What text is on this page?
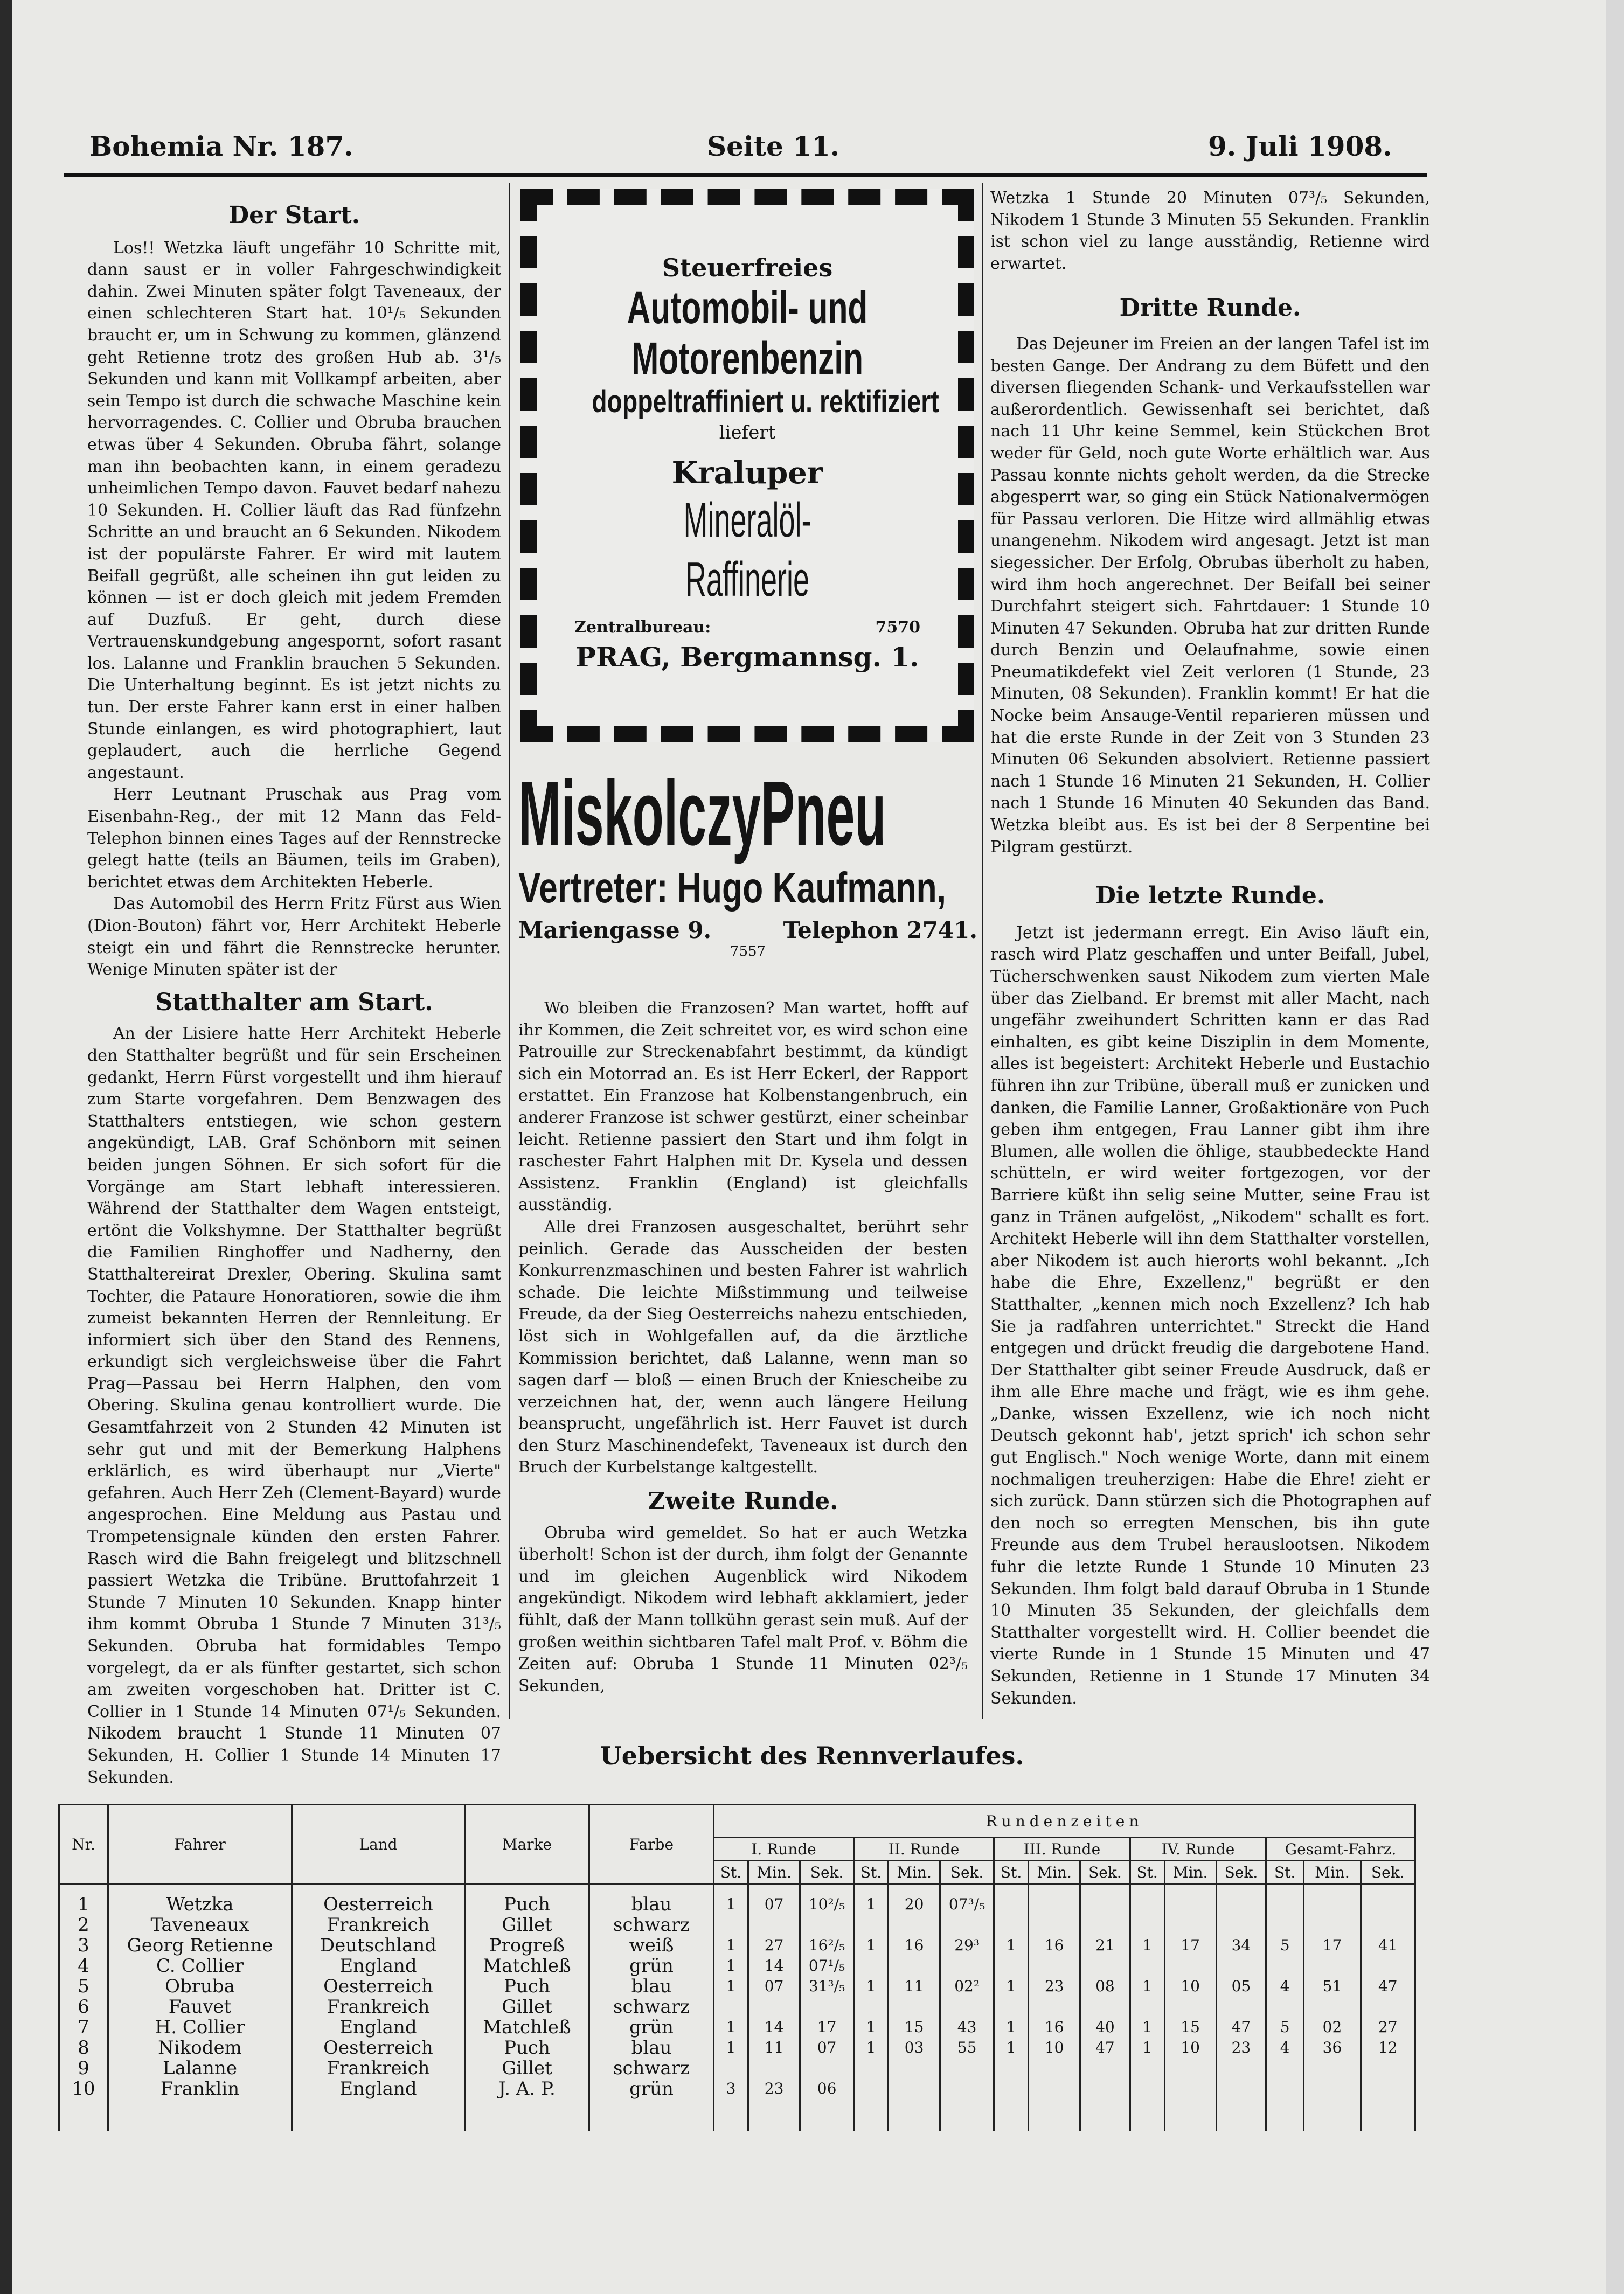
Bohemia Nr. 187.	Seite 11.	9. Juli 1908.
Der Start.

Los!! Wetzka läuft ungefähr 10 Schritte mit, dann saust er in voller Fahrgeschwindigkeit dahin. Zwei Minuten später folgt Taveneaux, der einen schlechteren Start hat. 10¹/₅ Sekunden braucht er, um in Schwung zu kommen, glänzend geht Retienne trotz des großen Hub ab. 3¹/₅ Sekunden und kann mit Vollkampf arbeiten, aber sein Tempo ist durch die schwache Maschine kein hervorragendes. C. Collier und Obruba brauchen etwas über 4 Sekunden. Obruba fährt, solange man ihn beobachten kann, in einem geradezu unheimlichen Tempo davon. Fauvet bedarf nahezu 10 Sekunden. H. Collier läuft das Rad fünfzehn Schritte an und braucht an 6 Sekunden. Nikodem ist der populärste Fahrer. Er wird mit lautem Beifall gegrüßt, alle scheinen ihn gut leiden zu können — ist er doch gleich mit jedem Fremden auf Duzfuß. Er geht, durch diese Vertrauenskundgebung angespornt, sofort rasant los. Lalanne und Franklin brauchen 5 Sekunden. Die Unterhaltung beginnt. Es ist jetzt nichts zu tun. Der erste Fahrer kann erst in einer halben Stunde einlangen, es wird photographiert, laut geplaudert, auch die herrliche Gegend angestaunt.

Herr Leutnant Pruschak aus Prag vom Eisenbahn-Reg., der mit 12 Mann das Feld-Telephon binnen eines Tages auf der Rennstrecke gelegt hatte (teils an Bäumen, teils im Graben), berichtet etwas dem Architekten Heberle.

Das Automobil des Herrn Fritz Fürst aus Wien (Dion-Bouton) fährt vor, Herr Architekt Heberle steigt ein und fährt die Rennstrecke herunter. Wenige Minuten später ist der

Statthalter am Start.

An der Lisiere hatte Herr Architekt Heberle den Statthalter begrüßt und für sein Erscheinen gedankt, Herrn Fürst vorgestellt und ihm hierauf zum Starte vorgefahren. Dem Benzwagen des Statthalters entstiegen, wie schon gestern angekündigt, LAB. Graf Schönborn mit seinen beiden jungen Söhnen. Er sich sofort für die Vorgänge am Start lebhaft interessieren. Während der Statthalter dem Wagen entsteigt, ertönt die Volkshymne. Der Statthalter begrüßt die Familien Ringhoffer und Nadherny, den Statthaltereirat Drexler, Obering. Skulina samt Tochter, die Pataure Honoratioren, sowie die ihm zumeist bekannten Herren der Rennleitung. Er informiert sich über den Stand des Rennens, erkundigt sich vergleichsweise über die Fahrt Prag—Passau bei Herrn Halphen, den vom Obering. Skulina genau kontrolliert wurde. Die Gesamtfahrzeit von 2 Stunden 42 Minuten ist sehr gut und mit der Bemerkung Halphens erklärlich, es wird überhaupt nur „Vierte" gefahren. Auch Herr Zeh (Clement-Bayard) wurde angesprochen. Eine Meldung aus Pastau und Trompetensignale künden den ersten Fahrer. Rasch wird die Bahn freigelegt und blitzschnell passiert Wetzka die Tribüne. Bruttofahrzeit 1 Stunde 7 Minuten 10 Sekunden. Knapp hinter ihm kommt Obruba 1 Stunde 7 Minuten 31³/₅ Sekunden. Obruba hat formidables Tempo vorgelegt, da er als fünfter gestartet, sich schon am zweiten vorgeschoben hat. Dritter ist C. Collier in 1 Stunde 14 Minuten 07¹/₅ Sekunden. Nikodem braucht 1 Stunde 11 Minuten 07 Sekunden, H. Collier 1 Stunde 14 Minuten 17 Sekunden.

Steuerfreies
Automobil- und
Motorenbenzin
doppeltraffiniert u. rektifiziert
liefert
Kraluper
Mineralöl-Raffinerie
Zentralbureau:	7570
PRAG, Bergmannsg. 1.
MiskolczyPneu
Vertreter: Hugo Kaufmann,
Mariengasse 9.	Telephon 2741.
7557

Wo bleiben die Franzosen? Man wartet, hofft auf ihr Kommen, die Zeit schreitet vor, es wird schon eine Patrouille zur Streckenabfahrt bestimmt, da kündigt sich ein Motorrad an. Es ist Herr Eckerl, der Rapport erstattet. Ein Franzose hat Kolbenstangenbruch, ein anderer Franzose ist schwer gestürzt, einer scheinbar leicht. Retienne passiert den Start und ihm folgt in raschester Fahrt Halphen mit Dr. Kysela und dessen Assistenz. Franklin (England) ist gleichfalls ausständig.

Alle drei Franzosen ausgeschaltet, berührt sehr peinlich. Gerade das Ausscheiden der besten Konkurrenzmaschinen und besten Fahrer ist wahrlich schade. Die leichte Mißstimmung und teilweise Freude, da der Sieg Oesterreichs nahezu entschieden, löst sich in Wohlgefallen auf, da die ärztliche Kommission berichtet, daß Lalanne, wenn man so sagen darf — bloß — einen Bruch der Kniescheibe zu verzeichnen hat, der, wenn auch längere Heilung beansprucht, ungefährlich ist. Herr Fauvet ist durch den Sturz Maschinendefekt, Taveneaux ist durch den Bruch der Kurbelstange kaltgestellt.

Zweite Runde.

Obruba wird gemeldet. So hat er auch Wetzka überholt! Schon ist der durch, ihm folgt der Genannte und im gleichen Augenblick wird Nikodem angekündigt. Nikodem wird lebhaft akklamiert, jeder fühlt, daß der Mann tollkühn gerast sein muß. Auf der großen weithin sichtbaren Tafel malt Prof. v. Böhm die Zeiten auf: Obruba 1 Stunde 11 Minuten 02³/₅ Sekunden,

Wetzka 1 Stunde 20 Minuten 07³/₅ Sekunden, Nikodem 1 Stunde 3 Minuten 55 Sekunden. Franklin ist schon viel zu lange ausständig, Retienne wird erwartet.

Dritte Runde.

Das Dejeuner im Freien an der langen Tafel ist im besten Gange. Der Andrang zu dem Büfett und den diversen fliegenden Schank- und Verkaufsstellen war außerordentlich. Gewissenhaft sei berichtet, daß nach 11 Uhr keine Semmel, kein Stückchen Brot weder für Geld, noch gute Worte erhältlich war. Aus Passau konnte nichts geholt werden, da die Strecke abgesperrt war, so ging ein Stück Nationalvermögen für Passau verloren. Die Hitze wird allmählig etwas unangenehm. Nikodem wird angesagt. Jetzt ist man siegessicher. Der Erfolg, Obrubas überholt zu haben, wird ihm hoch angerechnet. Der Beifall bei seiner Durchfahrt steigert sich. Fahrtdauer: 1 Stunde 10 Minuten 47 Sekunden. Obruba hat zur dritten Runde durch Benzin und Oelaufnahme, sowie einen Pneumatikdefekt viel Zeit verloren (1 Stunde, 23 Minuten, 08 Sekunden). Franklin kommt! Er hat die Nocke beim Ansauge-Ventil reparieren müssen und hat die erste Runde in der Zeit von 3 Stunden 23 Minuten 06 Sekunden absolviert. Retienne passiert nach 1 Stunde 16 Minuten 21 Sekunden, H. Collier nach 1 Stunde 16 Minuten 40 Sekunden das Band. Wetzka bleibt aus. Es ist bei der 8 Serpentine bei Pilgram gestürzt.

Die letzte Runde.

Jetzt ist jedermann erregt. Ein Aviso läuft ein, rasch wird Platz geschaffen und unter Beifall, Jubel, Tücherschwenken saust Nikodem zum vierten Male über das Zielband. Er bremst mit aller Macht, nach ungefähr zweihundert Schritten kann er das Rad einhalten, es gibt keine Disziplin in dem Momente, alles ist begeistert: Architekt Heberle und Eustachio führen ihn zur Tribüne, überall muß er zunicken und danken, die Familie Lanner, Großaktionäre von Puch geben ihm entgegen, Frau Lanner gibt ihm ihre Blumen, alle wollen die öhlige, staubbedeckte Hand schütteln, er wird weiter fortgezogen, vor der Barriere küßt ihn selig seine Mutter, seine Frau ist ganz in Tränen aufgelöst, „Nikodem" schallt es fort. Architekt Heberle will ihn dem Statthalter vorstellen, aber Nikodem ist auch hierorts wohl bekannt. „Ich habe die Ehre, Exzellenz," begrüßt er den Statthalter, „kennen mich noch Exzellenz? Ich hab Sie ja radfahren unterrichtet." Streckt die Hand entgegen und drückt freudig die dargebotene Hand. Der Statthalter gibt seiner Freude Ausdruck, daß er ihm alle Ehre mache und frägt, wie es ihm gehe. „Danke, wissen Exzellenz, wie ich noch nicht Deutsch gekonnt hab', jetzt sprich' ich schon sehr gut Englisch." Noch wenige Worte, dann mit einem nochmaligen treuherzigen: Habe die Ehre! zieht er sich zurück. Dann stürzen sich die Photographen auf den noch so erregten Menschen, bis ihn gute Freunde aus dem Trubel herauslootsen. Nikodem fuhr die letzte Runde 1 Stunde 10 Minuten 23 Sekunden. Ihm folgt bald darauf Obruba in 1 Stunde 10 Minuten 35 Sekunden, der gleichfalls dem Statthalter vorgestellt wird. H. Collier beendet die vierte Runde in 1 Stunde 15 Minuten und 47 Sekunden, Retienne in 1 Stunde 17 Minuten 34 Sekunden.

Uebersicht des Rennverlaufes.
Nr.	Fahrer	Land	Marke	Farbe	Rundenzeiten														
					I. Runde			II. Runde			III. Runde			IV. Runde			Gesamt-Fahrz.		
					St.	Min.	Sek.	St.	Min.	Sek.	St.	Min.	Sek.	St.	Min.	Sek.	St.	Min.	Sek.
1	Wetzka	Oesterreich	Puch	blau	1	07	10²/₅	1	20	07³/₅									
2	Taveneaux	Frankreich	Gillet	schwarz															
3	Georg Retienne	Deutschland	Progreß	weiß	1	27	16²/₅	1	16	29³	1	16	21	1	17	34	5	17	41
4	C. Collier	England	Matchleß	grün	1	14	07¹/₅												
5	Obruba	Oesterreich	Puch	blau	1	07	31³/₅	1	11	02²	1	23	08	1	10	05	4	51	47
6	Fauvet	Frankreich	Gillet	schwarz															
7	H. Collier	England	Matchleß	grün	1	14	17	1	15	43	1	16	40	1	15	47	5	02	27
8	Nikodem	Oesterreich	Puch	blau	1	11	07	1	03	55	1	10	47	1	10	23	4	36	12
9	Lalanne	Frankreich	Gillet	schwarz															
10	Franklin	England	J. A. P.	grün	3	23	06												
